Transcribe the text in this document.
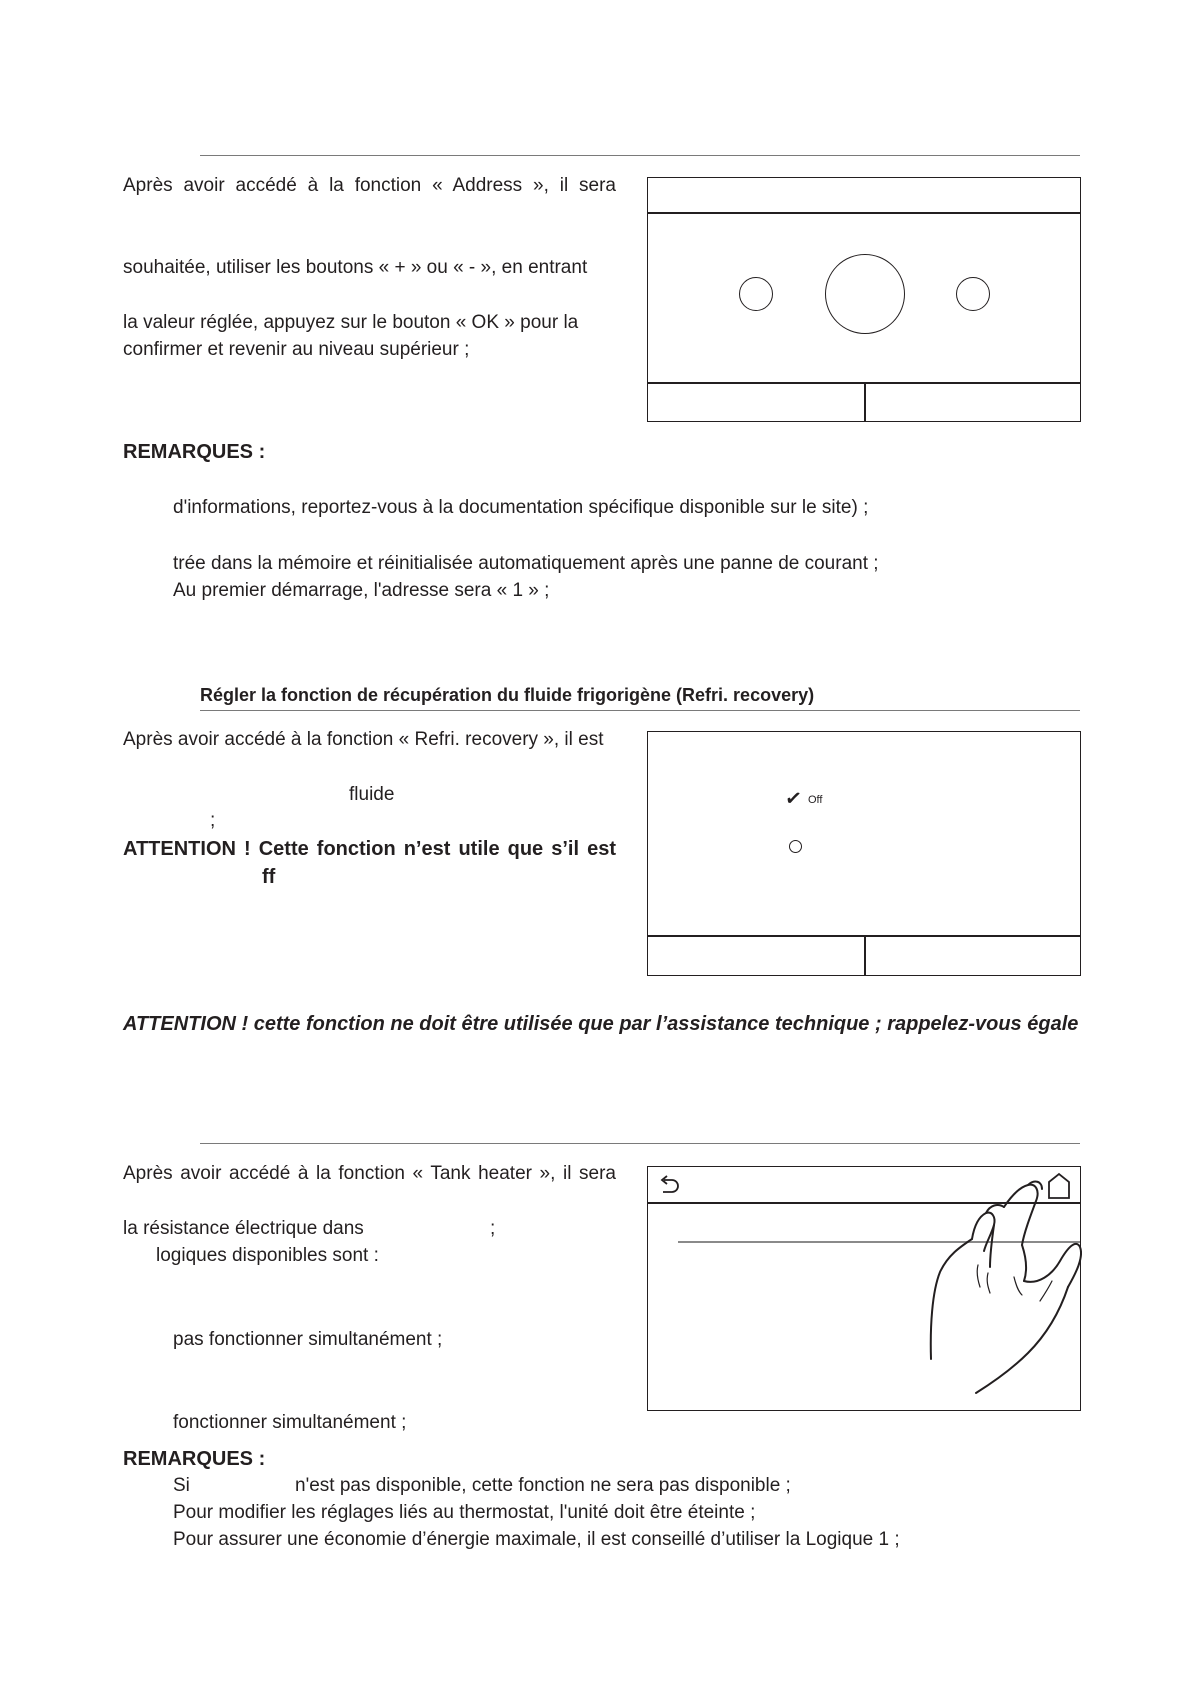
Après avoir accédé à la fonction « Address », il sera
souhaitée, utiliser les boutons « + » ou « - », en entrant
la valeur réglée, appuyez sur le bouton « OK » pour la
confirmer et revenir au niveau supérieur ;
REMARQUES :
d'informations, reportez-vous à la documentation spécifique disponible sur le site) ;
trée dans la mémoire et réinitialisée automatiquement après une panne de courant ;
Au premier démarrage, l'adresse sera « 1 » ;
Régler la fonction de récupération du fluide frigorigène (Refri. recovery)
Après avoir accédé à la fonction « Refri. recovery », il est
fluide
;
ATTENTION ! Cette fonction n’est utile que s’il est
ff
✓ Off
ATTENTION ! cette fonction ne doit être utilisée que par l’assistance technique ; rappelez-vous égale
Après avoir accédé à la fonction « Tank heater », il sera
la résistance électrique dans	;
logiques disponibles sont :
pas fonctionner simultanément ;
fonctionner simultanément ;
REMARQUES :
Si	n'est pas disponible, cette fonction ne sera pas disponible ;
Pour modifier les réglages liés au thermostat, l'unité doit être éteinte ;
Pour assurer une économie d’énergie maximale, il est conseillé d’utiliser la Logique 1 ;
